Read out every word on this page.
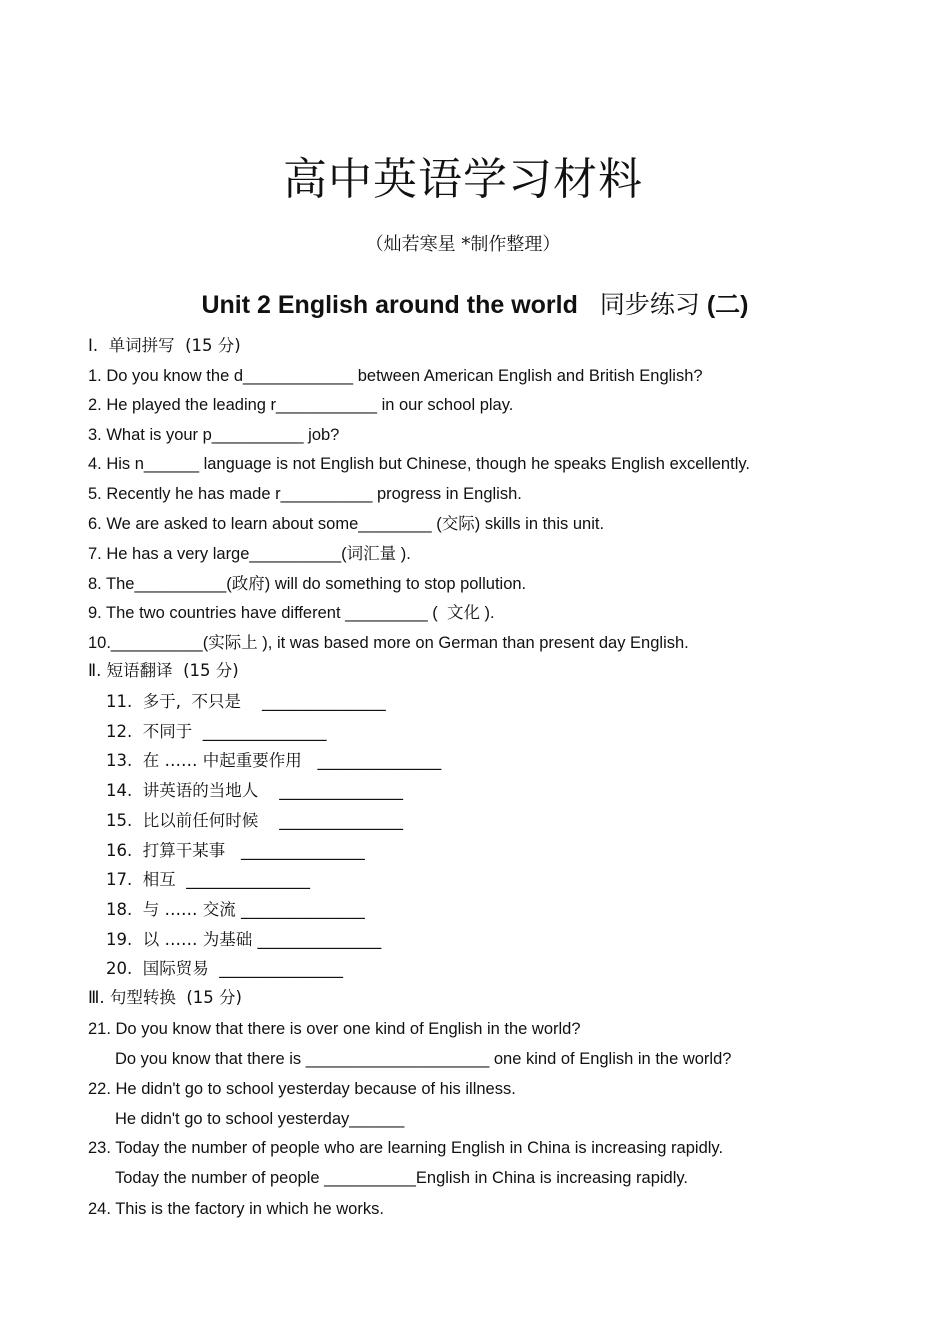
高中英语学习材料
（灿若寒星 *制作整理）
Unit 2 English around the world 同步练习 (二)
I.  单词拼写  (15 分)
1. Do you know the d____________ between American English and British English?
2. He played the leading r___________ in our school play.
3. What is your p__________ job?
4. His n______ language is not English but Chinese, though he speaks English excellently.
5. Recently he has made r__________ progress in English.
6. We are asked to learn about some________ (交际) skills in this unit.
7. He has a very large__________(词汇量 ).
8. The__________(政府) will do something to stop pollution.
9. The two countries have different _________ (  文化 ).
10.__________(实际上 ), it was based more on German than present day English.
Ⅱ. 短语翻译  (15 分)
11.  多于,  不只是    _______________
12.  不同于  _______________
13.  在 …… 中起重要作用   _______________
14.  讲英语的当地人    _______________
15.  比以前任何时候    _______________
16.  打算干某事   _______________
17.  相互  _______________
18.  与 …… 交流 _______________
19.  以 …… 为基础 _______________
20.  国际贸易  _______________
Ⅲ. 句型转换  (15 分)
21. Do you know that there is over one kind of English in the world?
Do you know that there is ____________________ one kind of English in the world?
22. He didn't go to school yesterday because of his illness.
He didn't go to school yesterday______
23. Today the number of people who are learning English in China is increasing rapidly.
Today the number of people __________English in China is increasing rapidly.
24. This is the factory in which he works.
